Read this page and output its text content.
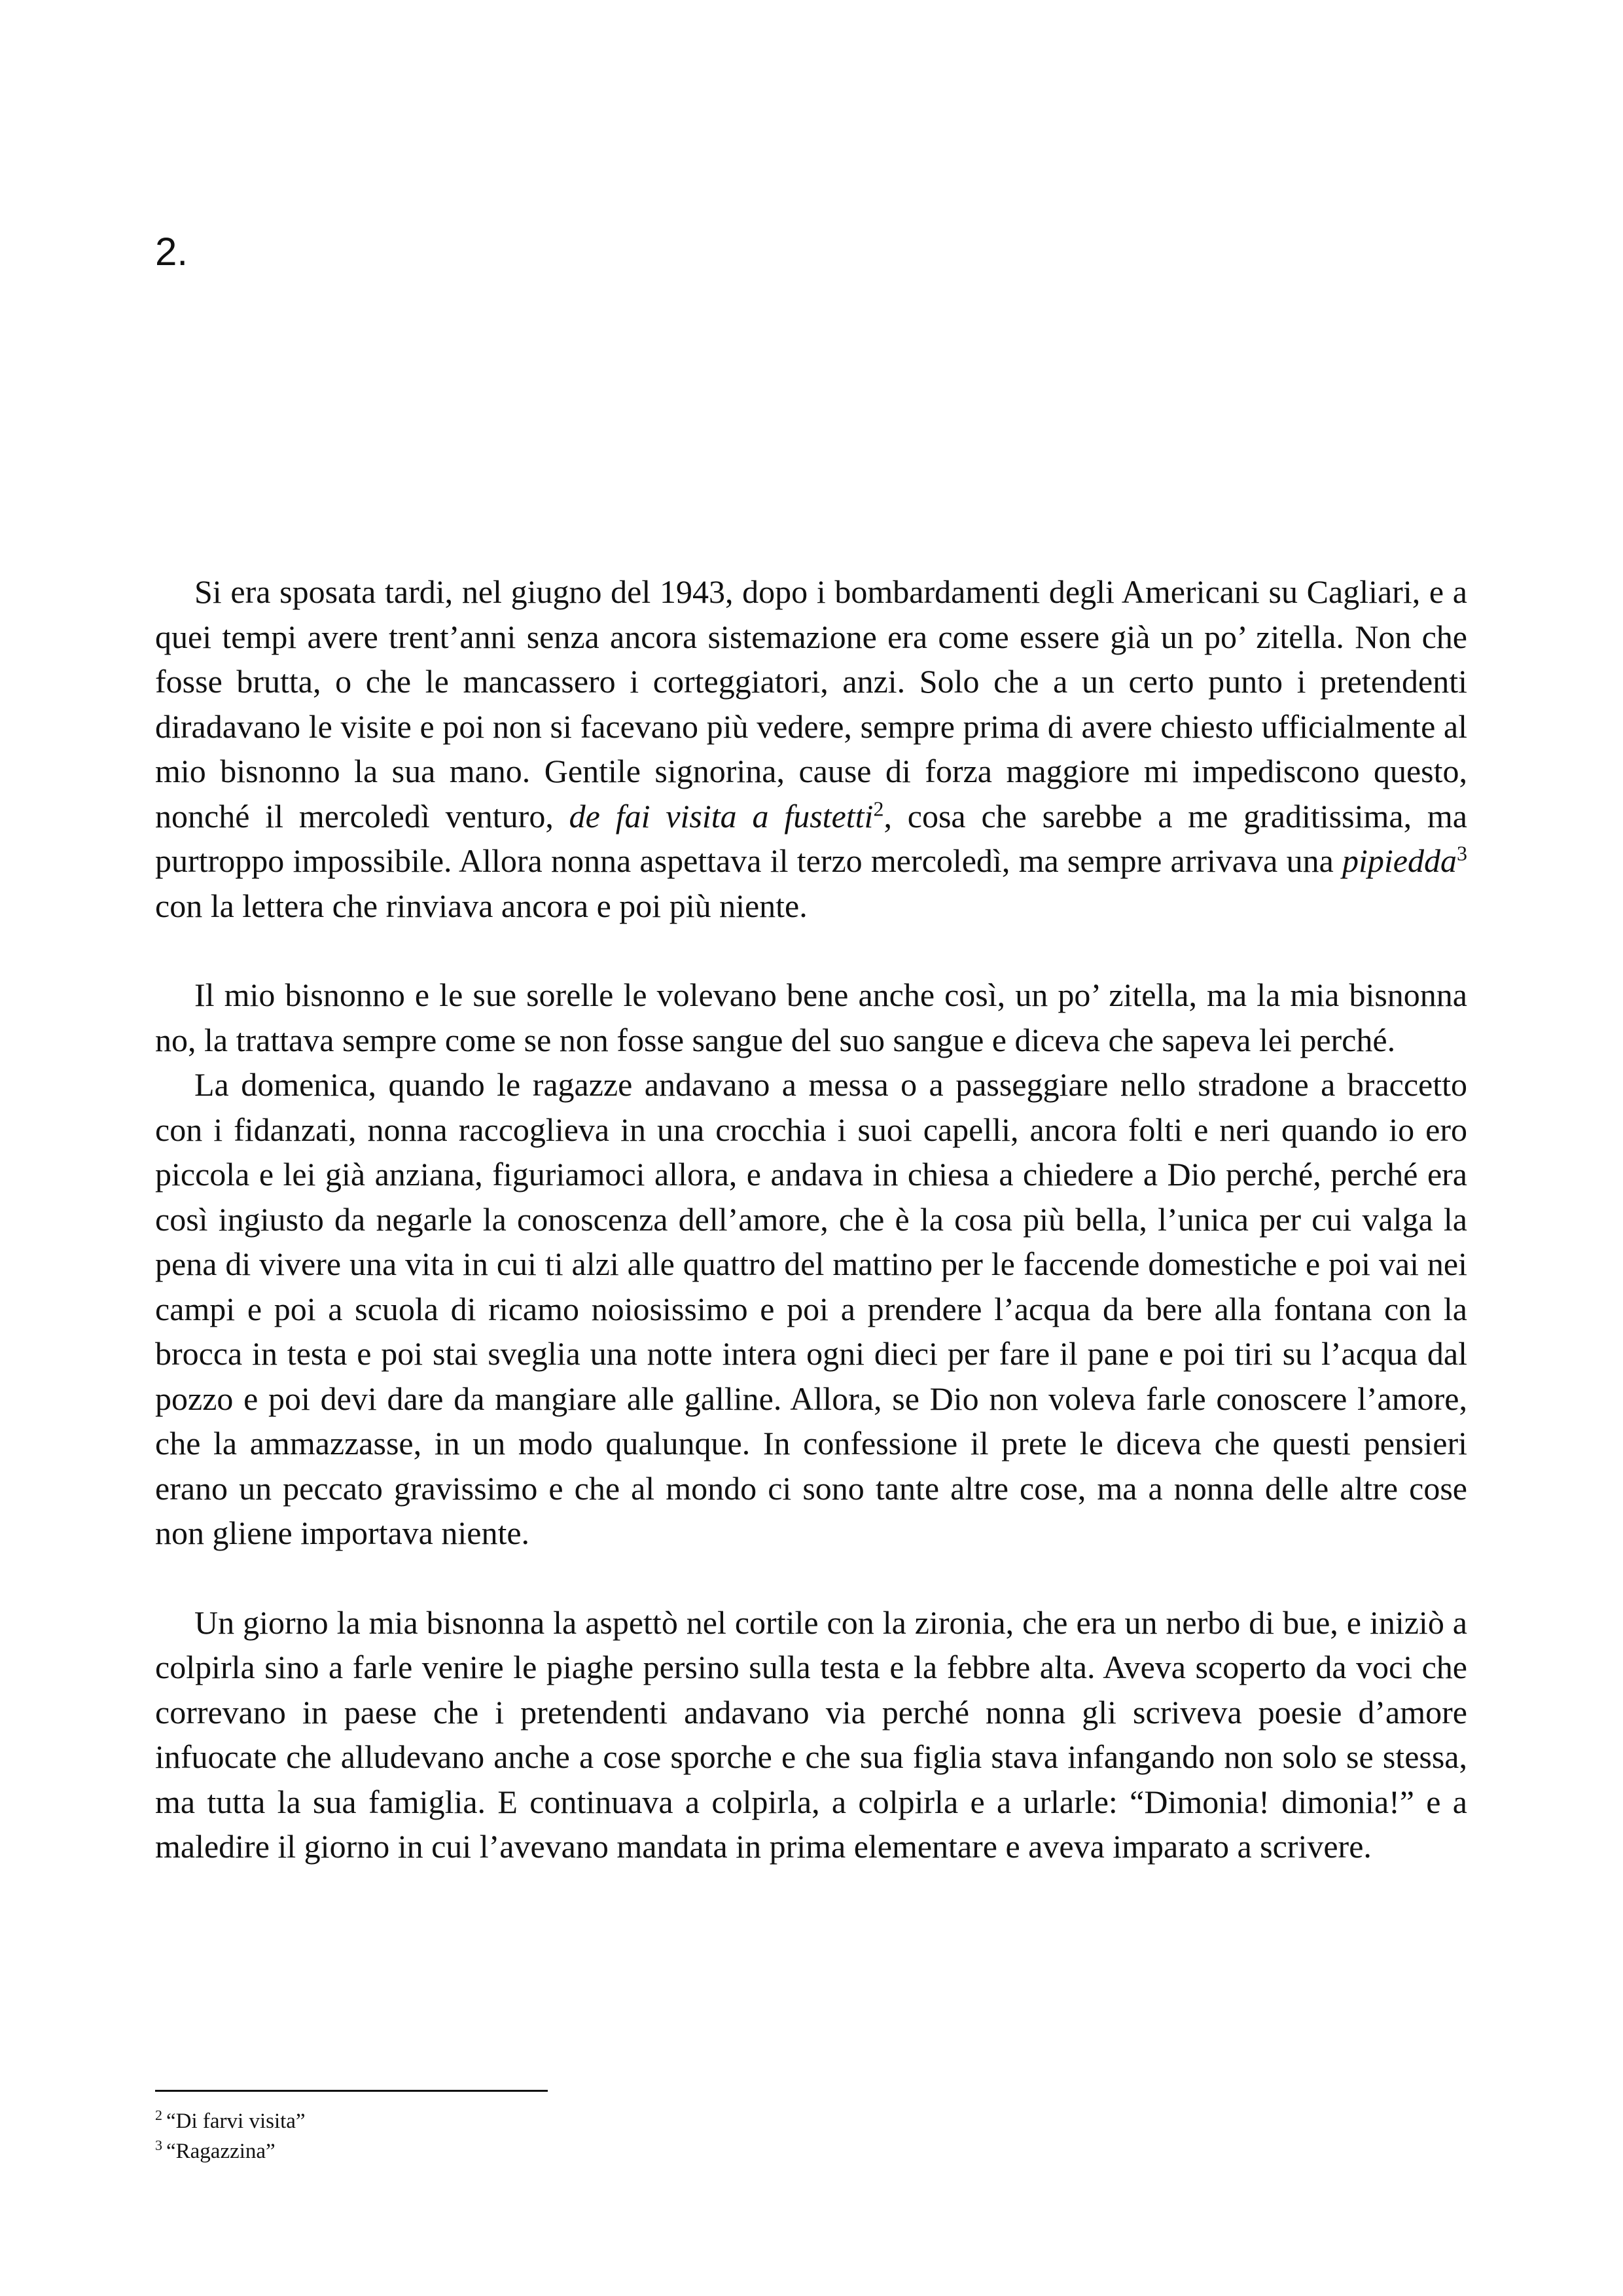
2.

Si era sposata tardi, nel giugno del 1943, dopo i bombardamenti degli Americani su Cagliari, e a quei tempi avere trent’anni senza ancora sistemazione era come essere già un po’ zitella. Non che fosse brutta, o che le mancassero i corteggiatori, anzi. Solo che a un certo punto i pretendenti diradavano le visite e poi non si facevano più vedere, sempre prima di avere chiesto ufficialmente al mio bisnonno la sua mano. Gentile signorina, cause di forza maggiore mi impediscono questo, nonché il mercoledì venturo, de fai visita a fustetti$^2$, cosa che sarebbe a me graditissima, ma purtroppo impossibile. Allora nonna aspettava il terzo mercoledì, ma sempre arrivava una pipiedda$^3$ con la lettera che rinviava ancora e poi più niente.

Il mio bisnonno e le sue sorelle le volevano bene anche così, un po’ zitella, ma la mia bisnonna no, la trattava sempre come se non fosse sangue del suo sangue e diceva che sapeva lei perché.

La domenica, quando le ragazze andavano a messa o a passeggiare nello stradone a braccetto con i fidanzati, nonna raccoglieva in una crocchia i suoi capelli, ancora folti e neri quando io ero piccola e lei già anziana, figuriamoci allora, e andava in chiesa a chiedere a Dio perché, perché era così ingiusto da negarle la conoscenza dell’amore, che è la cosa più bella, l’unica per cui valga la pena di vivere una vita in cui ti alzi alle quattro del mattino per le faccende domestiche e poi vai nei campi e poi a scuola di ricamo noiosissimo e poi a prendere l’acqua da bere alla fontana con la brocca in testa e poi stai sveglia una notte intera ogni dieci per fare il pane e poi tiri su l’acqua dal pozzo e poi devi dare da mangiare alle galline. Allora, se Dio non voleva farle conoscere l’amore, che la ammazzasse, in un modo qualunque. In confessione il prete le diceva che questi pensieri erano un peccato gravissimo e che al mondo ci sono tante altre cose, ma a nonna delle altre cose non gliene importava niente.

Un giorno la mia bisnonna la aspettò nel cortile con la zironia, che era un nerbo di bue, e iniziò a colpirla sino a farle venire le piaghe persino sulla testa e la febbre alta. Aveva scoperto da voci che correvano in paese che i pretendenti andavano via perché nonna gli scriveva poesie d’amore infuocate che alludevano anche a cose sporche e che sua figlia stava infangando non solo se stessa, ma tutta la sua famiglia. E continuava a colpirla, a colpirla e a urlarle: “Dimonia! dimonia!” e a maledire il giorno in cui l’avevano mandata in prima elementare e aveva imparato a scrivere.

$^2$ “Di farvi visita”

$^3$ “Ragazzina”
